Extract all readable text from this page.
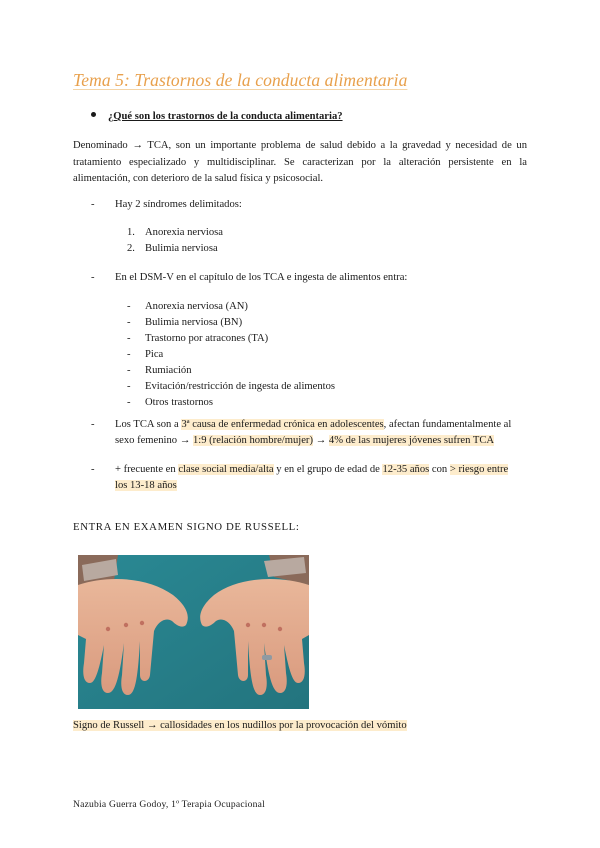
Tema 5: Trastornos de la conducta alimentaria
¿Qué son los trastornos de la conducta alimentaria?
Denominado → TCA, son un importante problema de salud debido a la gravedad y necesidad de un tratamiento especializado y multidisciplinar. Se caracterizan por la alteración persistente en la alimentación, con deterioro de la salud física y psicosocial.
- Hay 2 síndromes delimitados:
1. Anorexia nerviosa
2. Bulimia nerviosa
- En el DSM-V en el capítulo de los TCA e ingesta de alimentos entra:
- Anorexia nerviosa (AN)
- Bulimia nerviosa (BN)
- Trastorno por atracones (TA)
- Pica
- Rumiación
- Evitación/restricción de ingesta de alimentos
- Otros trastornos
- Los TCA son a 3ª causa de enfermedad crónica en adolescentes, afectan fundamentalmente al
sexo femenino → 1:9 (relación hombre/mujer) → 4% de las mujeres jóvenes sufren TCA
- + frecuente en clase social media/alta y en el grupo de edad de 12-35 años con > riesgo entre
los 13-18 años
ENTRA EN EXAMEN SIGNO DE RUSSELL:
Signo de Russell → callosidades en los nudillos por la provocación del vómito
Nazubia Guerra Godoy, 1º Terapia Ocupacional
